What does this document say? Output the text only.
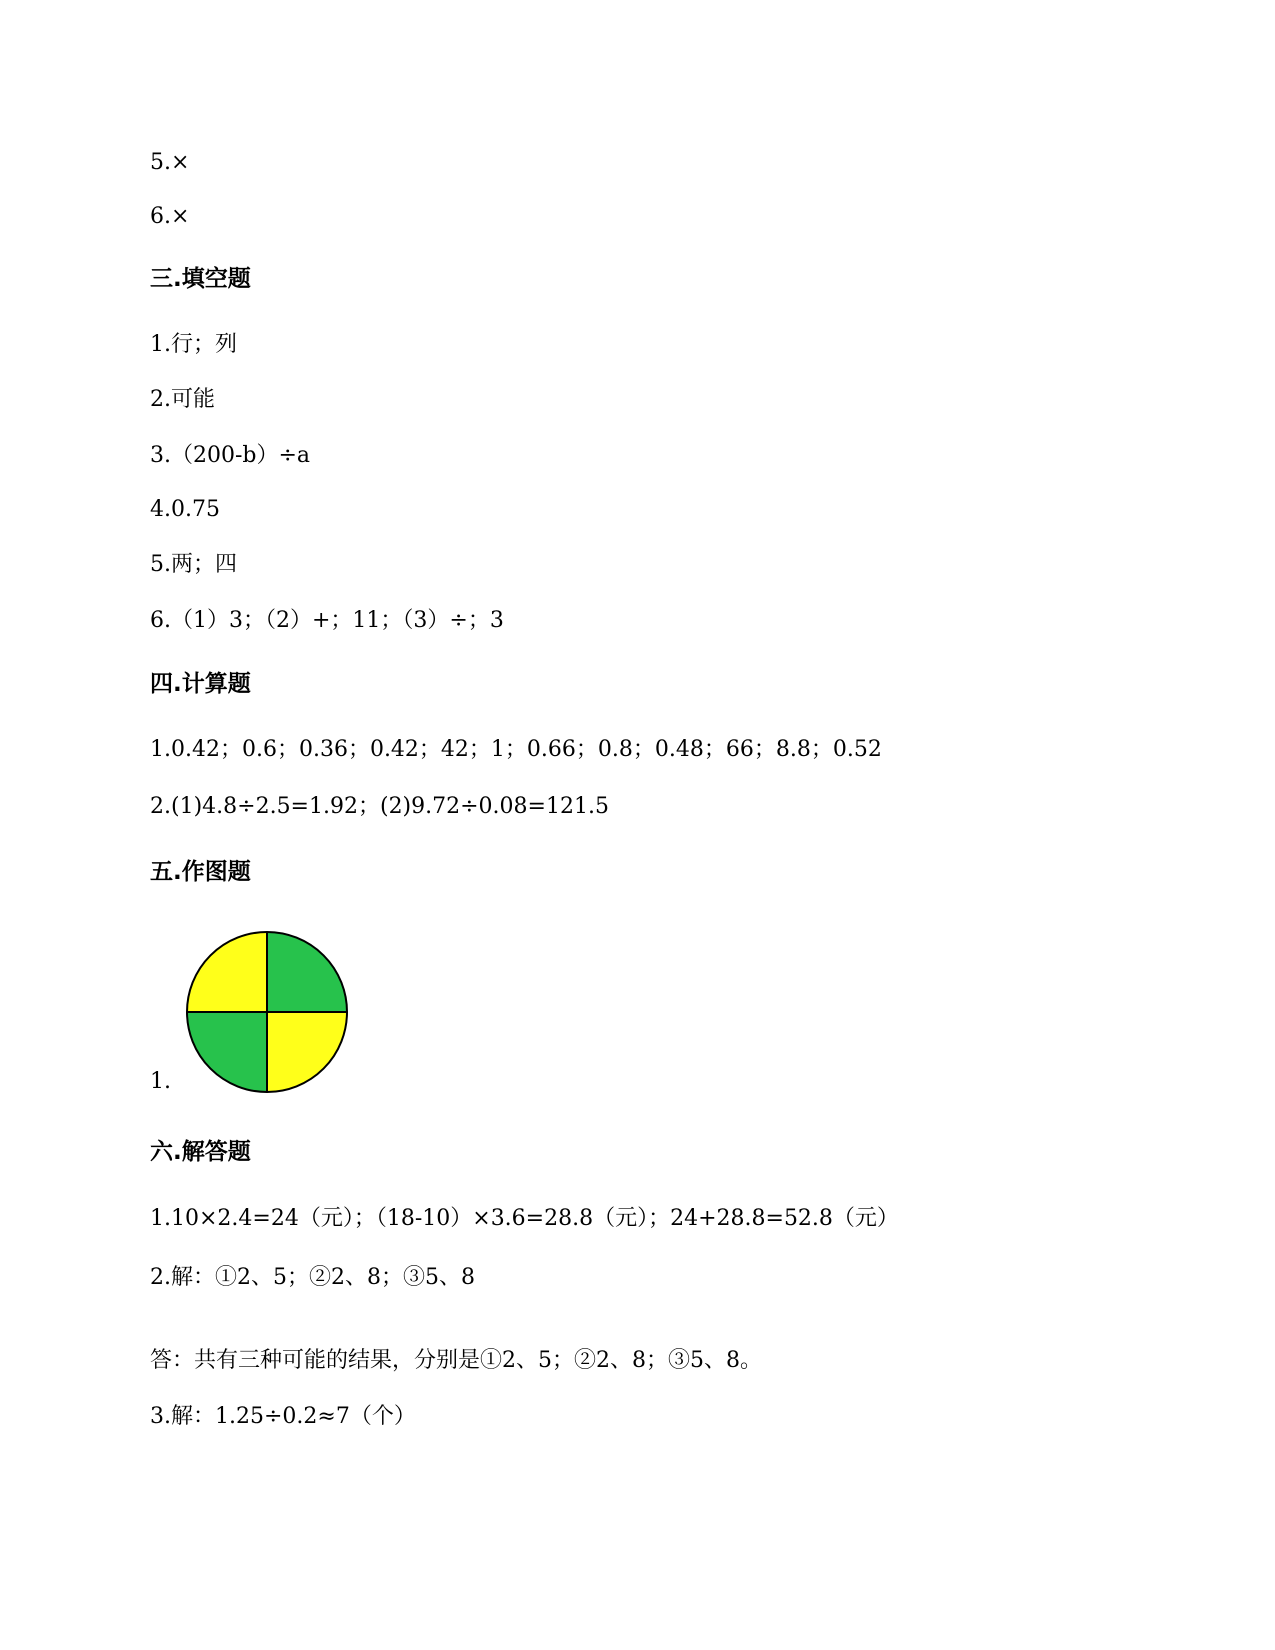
5.×
6.×
三.填空题
1.行；列
2.可能
3.（200-b）÷a
4.0.75
5.两；四
6.（1）3；（2）+；11；（3）÷；3
四.计算题
1.0.42；0.6；0.36；0.42；42；1；0.66；0.8；0.48；66；8.8；0.52
2.(1)4.8÷2.5=1.92；(2)9.72÷0.08=121.5
五.作图题
1.
六.解答题
1.10×2.4=24（元）；（18-10）×3.6=28.8（元）；24+28.8=52.8（元）
2.解：①2、5；②2、8；③5、8
答：共有三种可能的结果，分别是①2、5；②2、8；③5、8。
3.解：1.25÷0.2≈7（个）
